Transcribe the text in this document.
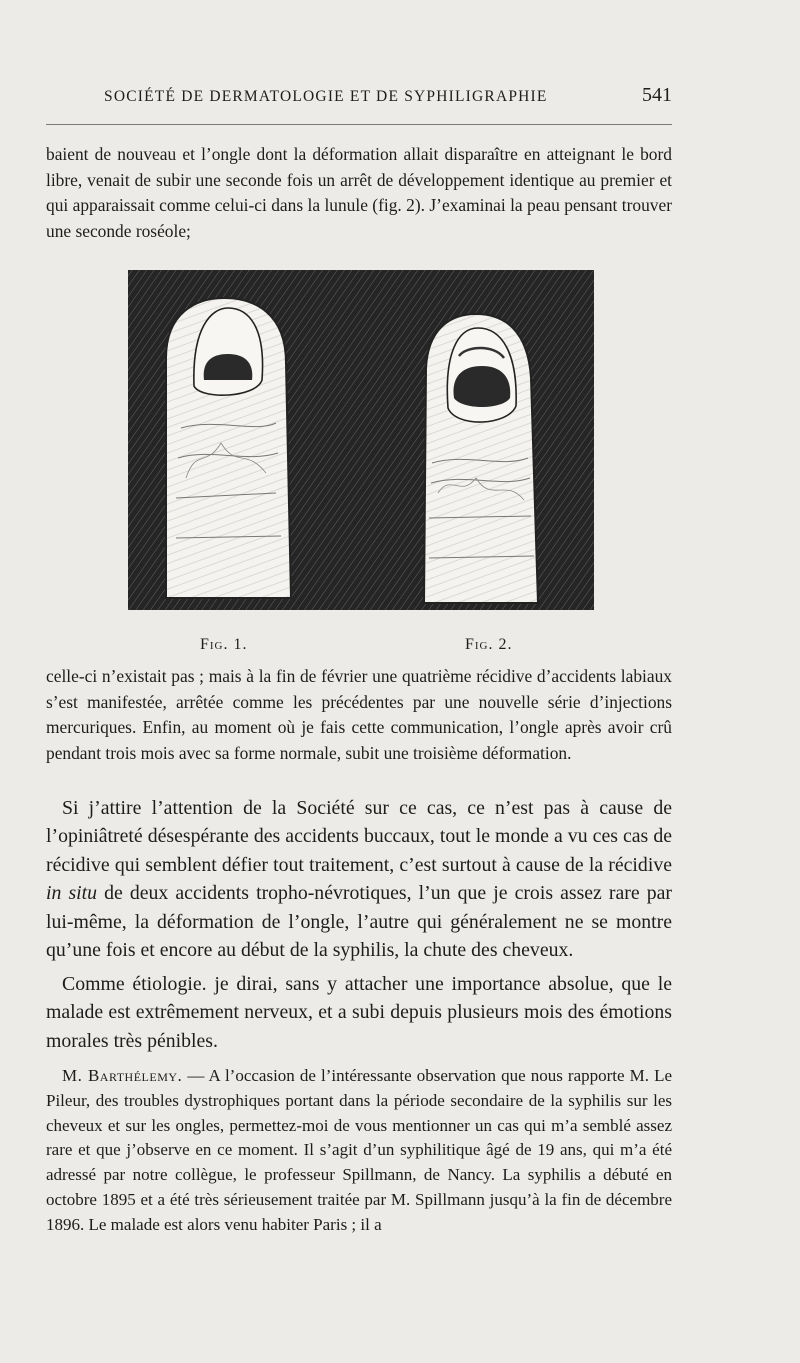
SOCIÉTÉ DE DERMATOLOGIE ET DE SYPHILIGRAPHIE	541

baient de nouveau et l’ongle dont la déformation allait disparaître en atteignant le bord libre, venait de subir une seconde fois un arrêt de développement identique au premier et qui apparaissait comme celui-ci dans la lunule (fig. 2). J’examinai la peau pensant trouver une seconde roséole;

Fig. 1.	Fig. 2.

celle-ci n’existait pas ; mais à la fin de février une quatrième récidive d’accidents labiaux s’est manifestée, arrêtée comme les précédentes par une nouvelle série d’injections mercuriques. Enfin, au moment où je fais cette communication, l’ongle après avoir crû pendant trois mois avec sa forme normale, subit une troisième déformation.

Si j’attire l’attention de la Société sur ce cas, ce n’est pas à cause de l’opiniâtreté désespérante des accidents buccaux, tout le monde a vu ces cas de récidive qui semblent défier tout traitement, c’est surtout à cause de la récidive in situ de deux accidents tropho-névrotiques, l’un que je crois assez rare par lui-même, la déformation de l’ongle, l’autre qui généralement ne se montre qu’une fois et encore au début de la syphilis, la chute des cheveux.

Comme étiologie. je dirai, sans y attacher une importance absolue, que le malade est extrêmement nerveux, et a subi depuis plusieurs mois des émotions morales très pénibles.

M. Barthélemy. — A l’occasion de l’intéressante observation que nous rapporte M. Le Pileur, des troubles dystrophiques portant dans la période secondaire de la syphilis sur les cheveux et sur les ongles, permettez-moi de vous mentionner un cas qui m’a semblé assez rare et que j’observe en ce moment. Il s’agit d’un syphilitique âgé de 19 ans, qui m’a été adressé par notre collègue, le professeur Spillmann, de Nancy. La syphilis a débuté en octobre 1895 et a été très sérieusement traitée par M. Spillmann jusqu’à la fin de décembre 1896. Le malade est alors venu habiter Paris ; il a
